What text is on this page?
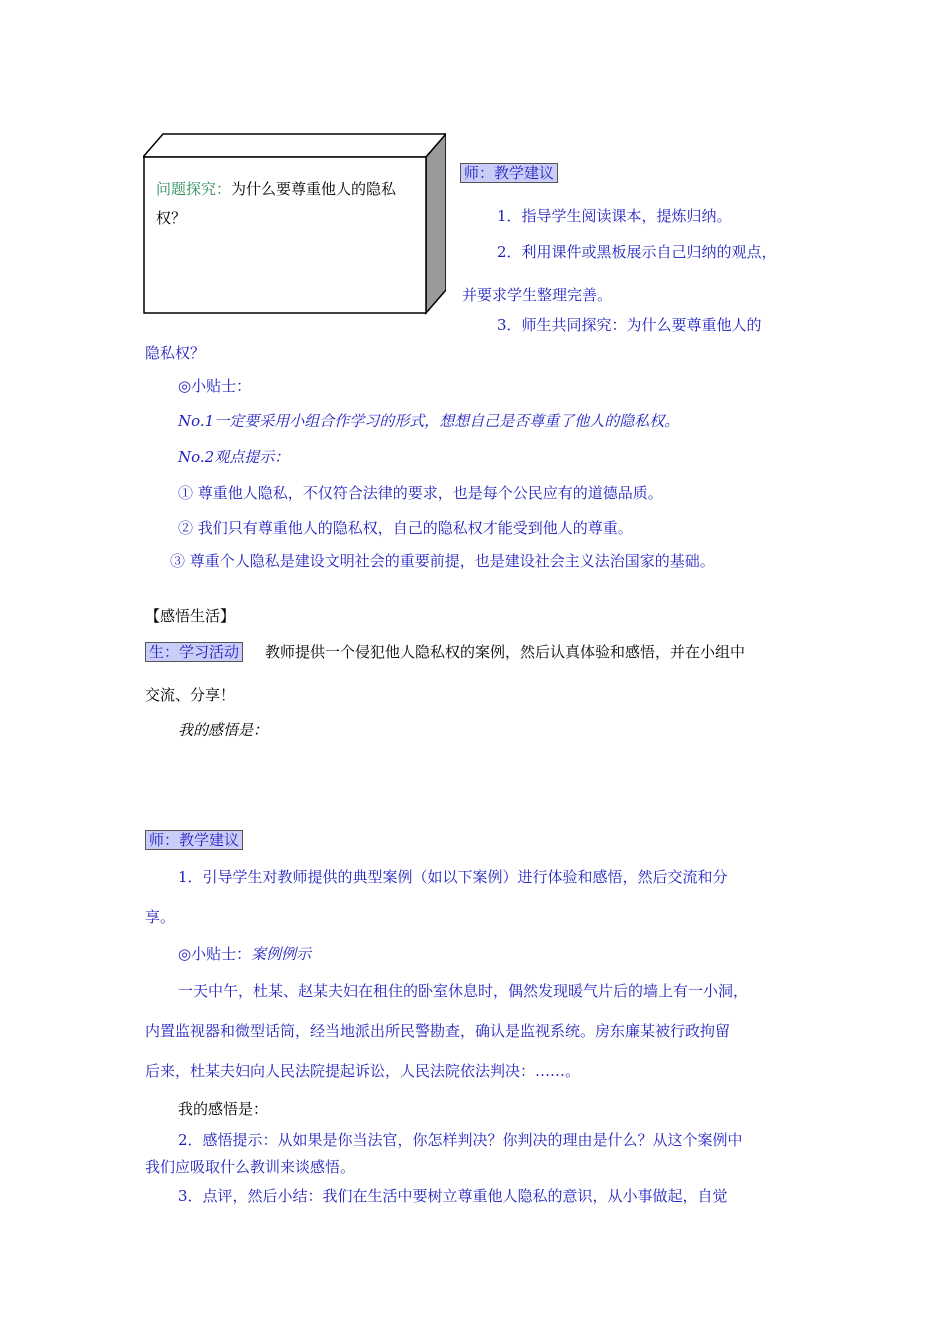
问题探究：为什么要尊重他人的隐私权？
师：教学建议
1．指导学生阅读课本，提炼归纳。
2．利用课件或黑板展示自己归纳的观点，
并要求学生整理完善。
3．师生共同探究：为什么要尊重他人的
隐私权？
◎小贴士：
No.1一定要采用小组合作学习的形式，想想自己是否尊重了他人的隐私权。
No.2观点提示：
① 尊重他人隐私，不仅符合法律的要求，也是每个公民应有的道德品质。
② 我们只有尊重他人的隐私权，自己的隐私权才能受到他人的尊重。
③ 尊重个人隐私是建设文明社会的重要前提，也是建设社会主义法治国家的基础。
【感悟生活】
生：学习活动 教师提供一个侵犯他人隐私权的案例，然后认真体验和感悟，并在小组中
交流、分享！
我的感悟是：
师：教学建议
1．引导学生对教师提供的典型案例（如以下案例）进行体验和感悟，然后交流和分
享。
◎小贴士：案例例示
一天中午，杜某、赵某夫妇在租住的卧室休息时，偶然发现暖气片后的墙上有一小洞，
内置监视器和微型话筒，经当地派出所民警勘查，确认是监视系统。房东廉某被行政拘留
后来，杜某夫妇向人民法院提起诉讼，人民法院依法判决：……。
我的感悟是：
2．感悟提示：从如果是你当法官，你怎样判决？你判决的理由是什么？从这个案例中
我们应吸取什么教训来谈感悟。
3．点评，然后小结：我们在生活中要树立尊重他人隐私的意识，从小事做起，自觉
